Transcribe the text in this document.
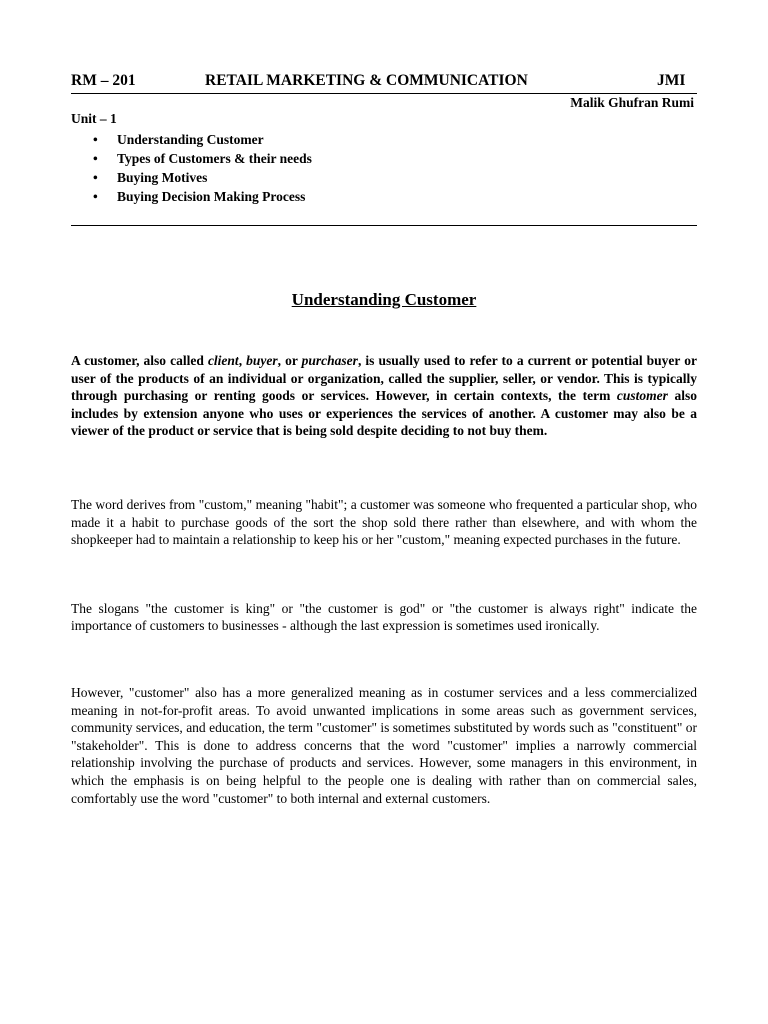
RM – 201	RETAIL MARKETING & COMMUNICATION	JMI
Malik Ghufran Rumi
Unit – 1
• Understanding Customer
• Types of Customers & their needs
• Buying Motives
• Buying Decision Making Process
Understanding Customer

A customer, also called client, buyer, or purchaser, is usually used to refer to a current or potential buyer or user of the products of an individual or organization, called the supplier, seller, or vendor. This is typically through purchasing or renting goods or services. However, in certain contexts, the term customer also includes by extension anyone who uses or experiences the services of another. A customer may also be a viewer of the product or service that is being sold despite deciding to not buy them.

The word derives from "custom," meaning "habit"; a customer was someone who frequented a particular shop, who made it a habit to purchase goods of the sort the shop sold there rather than elsewhere, and with whom the shopkeeper had to maintain a relationship to keep his or her "custom," meaning expected purchases in the future.

The slogans "the customer is king" or "the customer is god" or "the customer is always right" indicate the importance of customers to businesses - although the last expression is sometimes used ironically.

However, "customer" also has a more generalized meaning as in costumer services and a less commercialized meaning in not-for-profit areas. To avoid unwanted implications in some areas such as government services, community services, and education, the term "customer" is sometimes substituted by words such as "constituent" or "stakeholder". This is done to address concerns that the word "customer" implies a narrowly commercial relationship involving the purchase of products and services. However, some managers in this environment, in which the emphasis is on being helpful to the people one is dealing with rather than on commercial sales, comfortably use the word "customer" to both internal and external customers.
